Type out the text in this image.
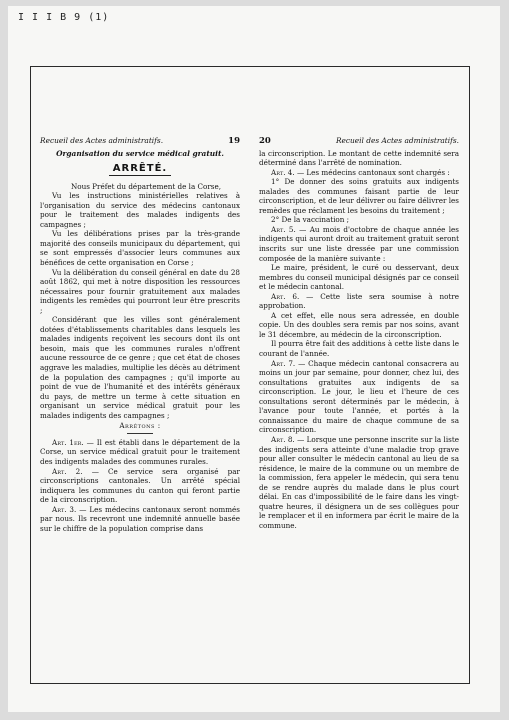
I I I B 9 (1)
Recueil des Actes administratifs.	19
Organisation du service médical gratuit.
ARRÊTÉ.

Nous Préfet du département de la Corse,

Vu les instructions ministérielles relatives à l'organisation du service des médecins cantonaux pour le traitement des malades indigents des campagnes ;

Vu les délibérations prises par la très-grande majorité des conseils municipaux du département, qui se sont empressés d'associer leurs communes aux bénéfices de cette organisation en Corse ;

Vu la délibération du conseil général en date du 28 août 1862, qui met à notre disposition les ressources nécessaires pour fournir gratuitement aux malades indigents les remèdes qui pourront leur être prescrits ;

Considérant que les villes sont généralement dotées d'établissements charitables dans lesquels les malades indigents reçoivent les secours dont ils ont besoin, mais que les communes rurales n'offrent aucune ressource de ce genre ; que cet état de choses aggrave les maladies, multiplie les décès au détriment de la population des campagnes ; qu'il importe au point de vue de l'humanité et des intérêts généraux du pays, de mettre un terme à cette situation en organisant un service médical gratuit pour les malades indigents des campagnes ;

Arrêtons :

Art. 1er. — Il est établi dans le département de la Corse, un service médical gratuit pour le traitement des indigents malades des communes rurales.

Art. 2. — Ce service sera organisé par circonscriptions cantonales. Un arrêté spécial indiquera les communes du canton qui feront partie de la circonscription.

Art. 3. — Les médecins cantonaux seront nommés par nous. Ils recevront une indemnité annuelle basée sur le chiffre de la population comprise dans

20	Recueil des Actes administratifs.

la circonscription. Le montant de cette indemnité sera déterminé dans l'arrêté de nomination.

Art. 4. — Les médecins cantonaux sont chargés :

1° De donner des soins gratuits aux indigents malades des communes faisant partie de leur circonscription, et de leur délivrer ou faire délivrer les remèdes que réclament les besoins du traitement ;

2° De la vaccination ;

Art. 5. — Au mois d'octobre de chaque année les indigents qui auront droit au traitement gratuit seront inscrits sur une liste dressée par une commission composée de la manière suivante :

Le maire, président, le curé ou desservant, deux membres du conseil municipal désignés par ce conseil et le médecin cantonal.

Art. 6. — Cette liste sera soumise à notre approbation.

A cet effet, elle nous sera adressée, en double copie. Un des doubles sera remis par nos soins, avant le 31 décembre, au médecin de la circonscription.

Il pourra être fait des additions à cette liste dans le courant de l'année.

Art. 7. — Chaque médecin cantonal consacrera au moins un jour par semaine, pour donner, chez lui, des consultations gratuites aux indigents de sa circonscription. Le jour, le lieu et l'heure de ces consultations seront déterminés par le médecin, à l'avance pour toute l'année, et portés à la connaissance du maire de chaque commune de sa circonscription.

Art. 8. — Lorsque une personne inscrite sur la liste des indigents sera atteinte d'une maladie trop grave pour aller consulter le médecin cantonal au lieu de sa résidence, le maire de la commune ou un membre de la commission, fera appeler le médecin, qui sera tenu de se rendre auprès du malade dans le plus court délai. En cas d'impossibilité de le faire dans les vingt-quatre heures, il désignera un de ses collègues pour le remplacer et il en informera par écrit le maire de la commune.
